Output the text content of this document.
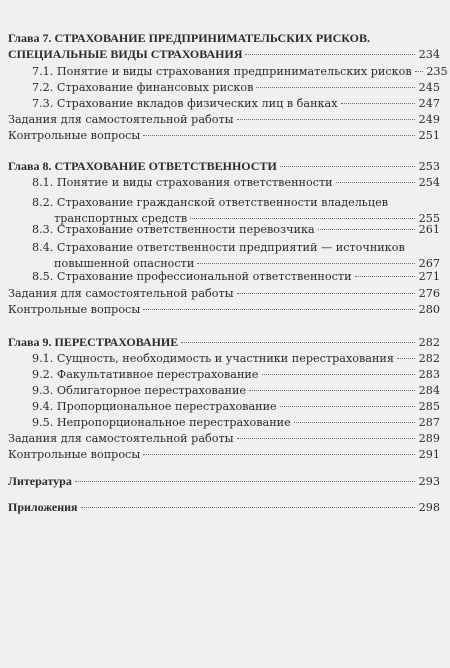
Глава 7. СТРАХОВАНИЕ ПРЕДПРИНИМАТЕЛЬСКИХ РИСКОВ.
СПЕЦИАЛЬНЫЕ ВИДЫ СТРАХОВАНИЯ	234
7.1. Понятие и виды страхования предпринимательских рисков 235
7.2. Страхование финансовых рисков	245
7.3. Страхование вкладов физических лиц в банках	247
Задания для самостоятельной работы	249
Контрольные вопросы	251
Глава 8. СТРАХОВАНИЕ ОТВЕТСТВЕННОСТИ	253
8.1. Понятие и виды страхования ответственности	254
8.2. Страхование гражданской ответственности владельцев
транспортных средств	255
8.3. Страхование ответственности перевозчика	261
8.4. Страхование ответственности предприятий — источников
повышенной опасности	267
8.5. Страхование профессиональной ответственности	271
Задания для самостоятельной работы	276
Контрольные вопросы	280
Глава 9. ПЕРЕСТРАХОВАНИЕ	282
9.1. Сущность, необходимость и участники перестрахования 282
9.2. Факультативное перестрахование	283
9.3. Облигаторное перестрахование	284
9.4. Пропорциональное перестрахование	285
9.5. Непропорциональное перестрахование	287
Задания для самостоятельной работы	289
Контрольные вопросы	291
Литература	293
Приложения	298
